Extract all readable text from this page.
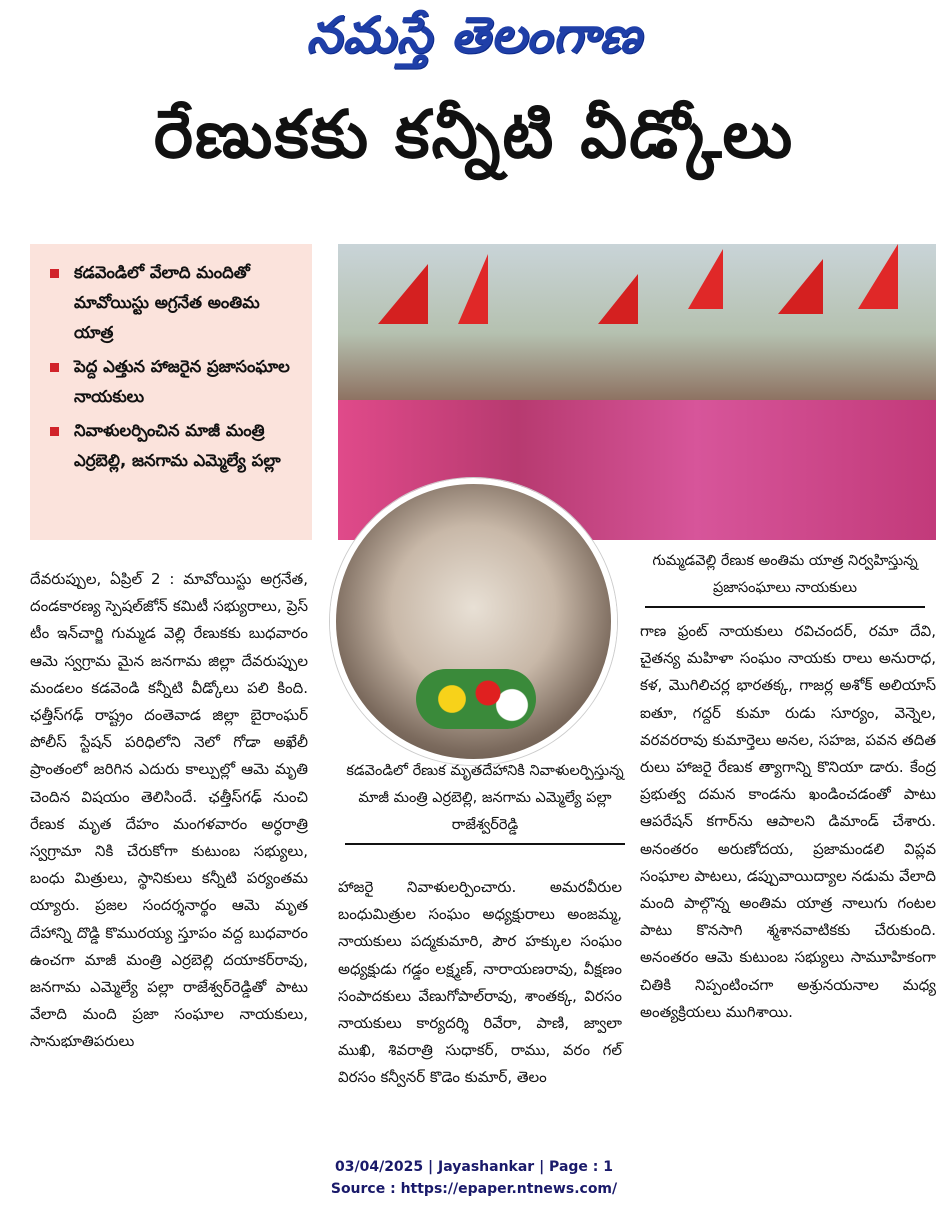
నమస్తే తెలంగాణ
రేణుకకు కన్నీటి వీడ్కోలు
కడవెండిలో వేలాది మందితో మావోయిస్టు అగ్రనేత అంతిమ యాత్ర
పెద్ద ఎత్తున హాజరైన ప్రజాసంఘాల నాయకులు
నివాళులర్పించిన మాజీ మంత్రి ఎర్రబెల్లి, జనగామ ఎమ్మెల్యే పల్లా
గుమ్మడవెల్లి రేణుక అంతిమ యాత్ర నిర్వహిస్తున్న ప్రజాసంఘాలు నాయకులు
కడవెండిలో రేణుక మృతదేహానికి నివాళులర్పిస్తున్న మాజీ మంత్రి ఎర్రబెల్లి, జనగామ ఎమ్మెల్యే పల్లా రాజేశ్వర్‌రెడ్డి

దేవరుప్పుల, ఏప్రిల్ 2 : మావోయిస్టు అగ్రనేత, దండకారణ్య స్పెషల్‌జోన్ కమిటీ సభ్యురాలు, ప్రెస్ టీం ఇన్‌చార్జి గుమ్మడ వెల్లి రేణుకకు బుధవారం ఆమె స్వగ్రామ మైన జనగామ జిల్లా దేవరుప్పుల మండలం కడవెండి కన్నీటి వీడ్కోలు పలి కింది. ఛత్తీస్‌గఢ్ రాష్ట్రం దంతెవాడ జిల్లా బైరాంఘర్ పోలీస్ స్టేషన్ పరిధిలోని నెలో గోడా అఖేలీ ప్రాంతంలో జరిగిన ఎదురు కాల్పుల్లో ఆమె మృతి చెందిన విషయం తెలిసిందే. ఛత్తీస్‌గఢ్ నుంచి రేణుక మృత దేహం మంగళవారం అర్ధరాత్రి స్వగ్రామా నికి చేరుకోగా కుటుంబ సభ్యులు, బంధు మిత్రులు, స్థానికులు కన్నీటి పర్యంతమ య్యారు. ప్రజల సందర్శనార్థం ఆమె మృత దేహాన్ని దొడ్డి కొమురయ్య స్తూపం వద్ద బుధవారం ఉంచగా మాజీ మంత్రి ఎర్రబెల్లి దయాకర్‌రావు, జనగామ ఎమ్మెల్యే పల్లా రాజేశ్వర్‌రెడ్డితో పాటు వేలాది మంది ప్రజా సంఘాల నాయకులు, సానుభూతిపరులు

హాజరై నివాళులర్పించారు. అమరవీరుల బంధుమిత్రుల సంఘం అధ్యక్షురాలు అంజమ్మ, నాయకులు పద్మకుమారి, పౌర హక్కుల సంఘం అధ్యక్షుడు గడ్డం లక్ష్మణ్, నారాయణరావు, వీక్షణం సంపాదకులు వేణుగోపాల్‌రావు, శాంతక్క, విరసం నాయకులు కార్యదర్శి రివేరా, పాణి, జ్వాలా ముఖి, శివరాత్రి సుధాకర్, రాము, వరం గల్ విరసం కన్వీనర్ కొడెం కుమార్, తెలం

గాణ ఫ్రంట్ నాయకులు రవిచందర్, రమా దేవి, చైతన్య మహిళా సంఘం నాయకు రాలు అనురాధ, కళ, మొగిలిచర్ల భారతక్క, గాజర్ల అశోక్ అలియాస్ ఐతూ, గద్దర్ కుమా రుడు సూర్యం, వెన్నెల, వరవరరావు కుమార్తెలు అనల, సహజ, పవన తదిత రులు హాజరై రేణుక త్యాగాన్ని కొనియా డారు. కేంద్ర ప్రభుత్వ దమన కాండను ఖండించడంతో పాటు ఆపరేషన్ కగార్‌ను ఆపాలని డిమాండ్ చేశారు. అనంతరం అరుణోదయ, ప్రజామండలి విప్లవ సంఘాల పాటలు, డప్పువాయిద్యాల నడుమ వేలాది మంది పాల్గొన్న అంతిమ యాత్ర నాలుగు గంటల పాటు కొనసాగి శ్మశానవాటికకు చేరుకుంది. అనంతరం ఆమె కుటుంబ సభ్యులు సామూహికంగా చితికి నిప్పంటించగా అశ్రునయనాల మధ్య అంత్యక్రియలు ముగిశాయి.

03/04/2025 | Jayashankar | Page : 1
Source : https://epaper.ntnews.com/
